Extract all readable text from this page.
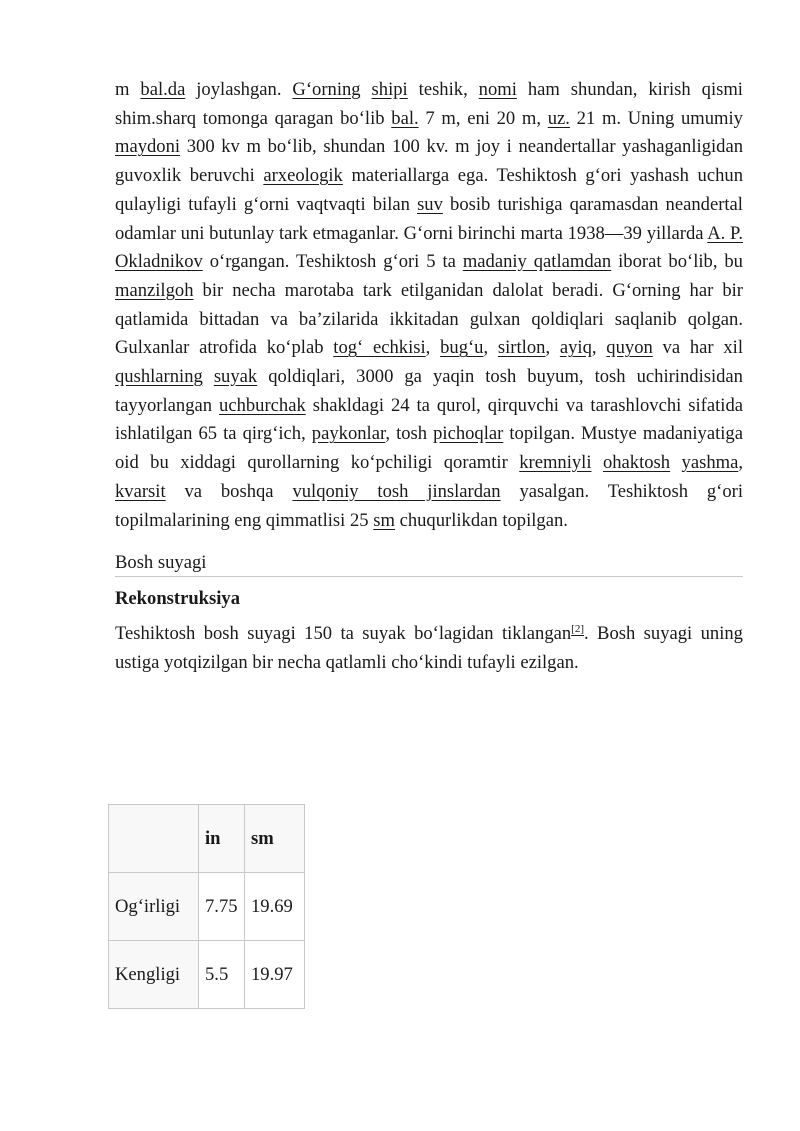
m bal.da joylashgan. G‘orning shipi teshik, nomi ham shundan, kirish qismi shim.sharq tomonga qaragan bo‘lib bal. 7 m, eni 20 m, uz. 21 m. Uning umumiy maydoni 300 kv m bo‘lib, shundan 100 kv. m joy i neandertallar yashaganligidan guvoxlik beruvchi arxeologik materiallarga ega. Teshiktosh g‘ori yashash uchun qulayligi tufayli g‘orni vaqtvaqti bilan suv bosib turishiga qaramasdan neandertal odamlar uni butunlay tark etmaganlar. G‘orni birinchi marta 1938—39 yillarda A. P. Okladnikov o‘rgangan. Teshiktosh g‘ori 5 ta madaniy qatlamdan iborat bo‘lib, bu manzilgoh bir necha marotaba tark etilganidan dalolat beradi. G‘orning har bir qatlamida bittadan va ba’zilarida ikkitadan gulxan qoldiqlari saqlanib qolgan. Gulxanlar atrofida ko‘plab tog‘ echkisi, bug‘u, sirtlon, ayiq, quyon va har xil qushlarning suyak qoldiqlari, 3000 ga yaqin tosh buyum, tosh uchirindisidan tayyorlangan uchburchak shakldagi 24 ta qurol, qirquvchi va tarashlovchi sifatida ishlatilgan 65 ta qirg‘ich, paykonlar, tosh pichoqlar topilgan. Mustye madaniyatiga oid bu xiddagi qurollarning ko‘pchiligi qoramtir kremniyli ohaktosh yashma, kvarsit va boshqa vulqoniy tosh jinslardan yasalgan. Teshiktosh g‘ori topilmalarining eng qimmatlisi 25 sm chuqurlikdan topilgan.

Bosh suyagi
Rekonstruksiya

Teshiktosh bosh suyagi 150 ta suyak bo‘lagidan tiklangan[2]. Bosh suyagi uning ustiga yotqizilgan bir necha qatlamli cho‘kindi tufayli ezilgan.

	in	sm
Og‘irligi	7.75	19.69
Kengligi	5.5	19.97
